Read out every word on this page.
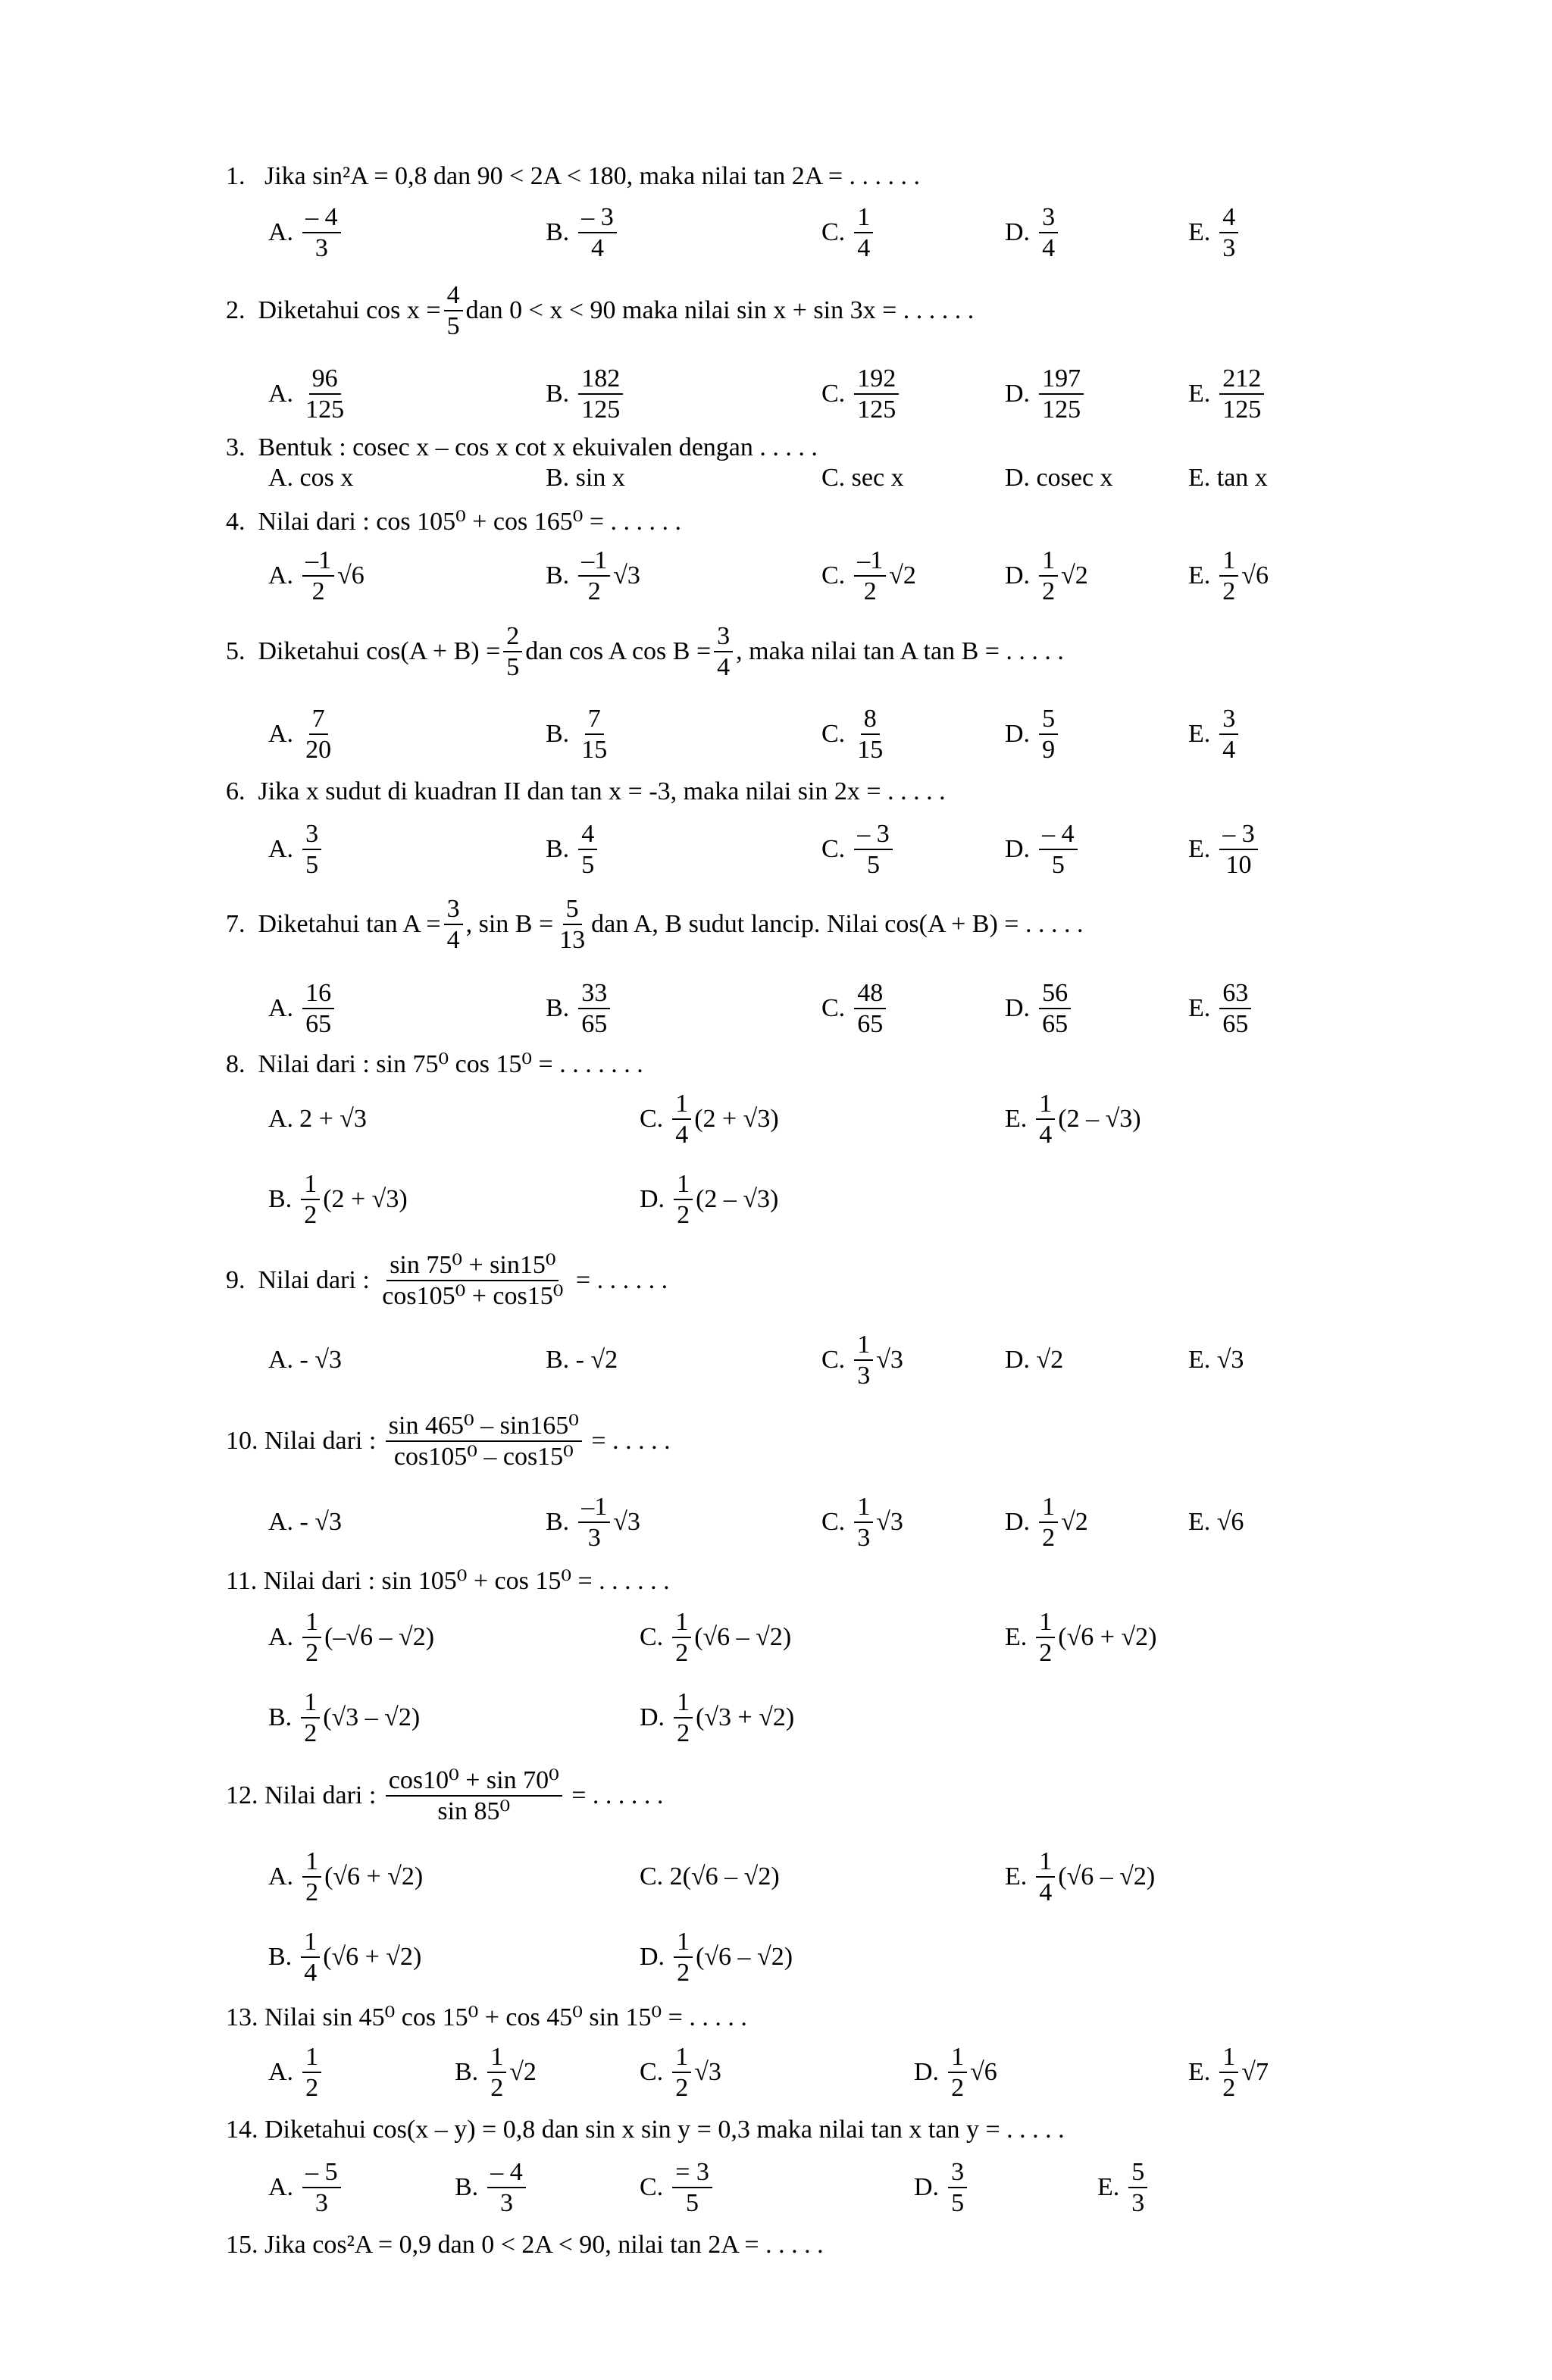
1. Jika sin²A = 0,8 dan 90 < 2A < 180, maka nilai tan 2A = . . . . . .
A. $\frac{- 4}{3}$	B. $\frac{- 3}{4}$	C. $\frac{1}{4}$	D. $\frac{3}{4}$	E. $\frac{4}{3}$
2.
Diketahui $\cos x = \frac{4}{5}$ dan 0 < x < 90 maka nilai sin x + sin 3x = . . . . . .
A. $\frac{96}{125}$	B. $\frac{182}{125}$	C. $\frac{192}{125}$	D. $\frac{197}{125}$	E. $\frac{212}{125}$
3. Bentuk : cosec x – cos x cot x ekuivalen dengan . . . . .
A. cos x	B. sin x	C. sec x	D. cosec x	E. tan x
4. Nilai dari : cos 105⁰ + cos 165⁰ = . . . . . .
A. $\frac{-1}{2} √6$	B. $\frac{-1}{2} √3$	C. $\frac{-1}{2} √2$	D. $\frac{1}{2} √2$	E. $\frac{1}{2} √6$
5.
Diketahui $\cos(A + B) = \frac{2}{5}$ dan cos A $\cos B = \frac{3}{4}$ , maka nilai tan A tan B = . . . . .
A. $\frac{7}{20}$	B. $\frac{7}{15}$	C. $\frac{8}{15}$	D. $\frac{5}{9}$	E. $\frac{3}{4}$
6. Jika x sudut di kuadran II dan tan x = -3, maka nilai sin 2x = . . . . .
A. $\frac{3}{5}$	B. $\frac{4}{5}$	C. $\frac{- 3}{5}$	D. $\frac{- 4}{5}$	E. $\frac{- 3}{10}$
7.
Diketahui $\tan A = \frac{3}{4}$ , $\sin B = \frac{5}{13}$ dan A, B sudut lancip. Nilai cos(A + B) = . . . . .
A. $\frac{16}{65}$	B. $\frac{33}{65}$	C. $\frac{48}{65}$	D. $\frac{56}{65}$	E. $\frac{63}{65}$
8. Nilai dari : sin 75⁰ cos 15⁰ = . . . . . . .
A. 2 + √3	C. $\frac{1}{4} (2 + √3)$	E. $\frac{1}{4} (2 - √3)$
B. $\frac{1}{2} (2 + √3)$	D. $\frac{1}{2} (2 - √3)$
9.
Nilai dari :
$\frac{\text{sin 75⁰ + sin15⁰}}{\text{cos105⁰ + cos15⁰}}$
= . . . . . .
A. - √3	B. - √2	C. $\frac{1}{3} √3$	D. √2	E. √3
10.
Nilai dari :
$\frac{\text{sin 465⁰ – sin165⁰}}{\text{cos105⁰ – cos15⁰}}$
= . . . . .
A. - √3	B. $\frac{-1}{3} √3$	C. $\frac{1}{3} √3$	D. $\frac{1}{2} √2$	E. √6
11. Nilai dari : sin 105⁰ + cos 15⁰ = . . . . . .
A. $\frac{1}{2} (-√6 - √2)$	C. $\frac{1}{2} (√6 - √2)$	E. $\frac{1}{2} (√6 + √2)$
B. $\frac{1}{2} (√3 - √2)$	D. $\frac{1}{2} (√3 + √2)$
12.
Nilai dari :
$\frac{\text{cos10⁰ + sin 70⁰}}{\text{sin 85⁰}}$
= . . . . . .
A. $\frac{1}{2} (√6 + √2)$	C. 2(√6 – √2)	E. $\frac{1}{4} (√6 - √2)$
B. $\frac{1}{4} (√6 + √2)$	D. $\frac{1}{2} (√6 - √2)$
13. Nilai sin 45⁰ cos 15⁰ + cos 45⁰ sin 15⁰ = . . . . .
A. $\frac{1}{2}$	B. $\frac{1}{2} √2$	C. $\frac{1}{2} √3$	D. $\frac{1}{2} √6$	E. $\frac{1}{2} √7$
14. Diketahui cos(x – y) = 0,8 dan sin x sin y = 0,3 maka nilai tan x tan y = . . . . .
A. $\frac{- 5}{3}$	B. $\frac{- 4}{3}$	C. $\frac{= 3}{5}$	D. $\frac{3}{5}$	E. $\frac{5}{3}$
15. Jika cos²A = 0,9 dan 0 < 2A < 90, nilai tan 2A = . . . . .
